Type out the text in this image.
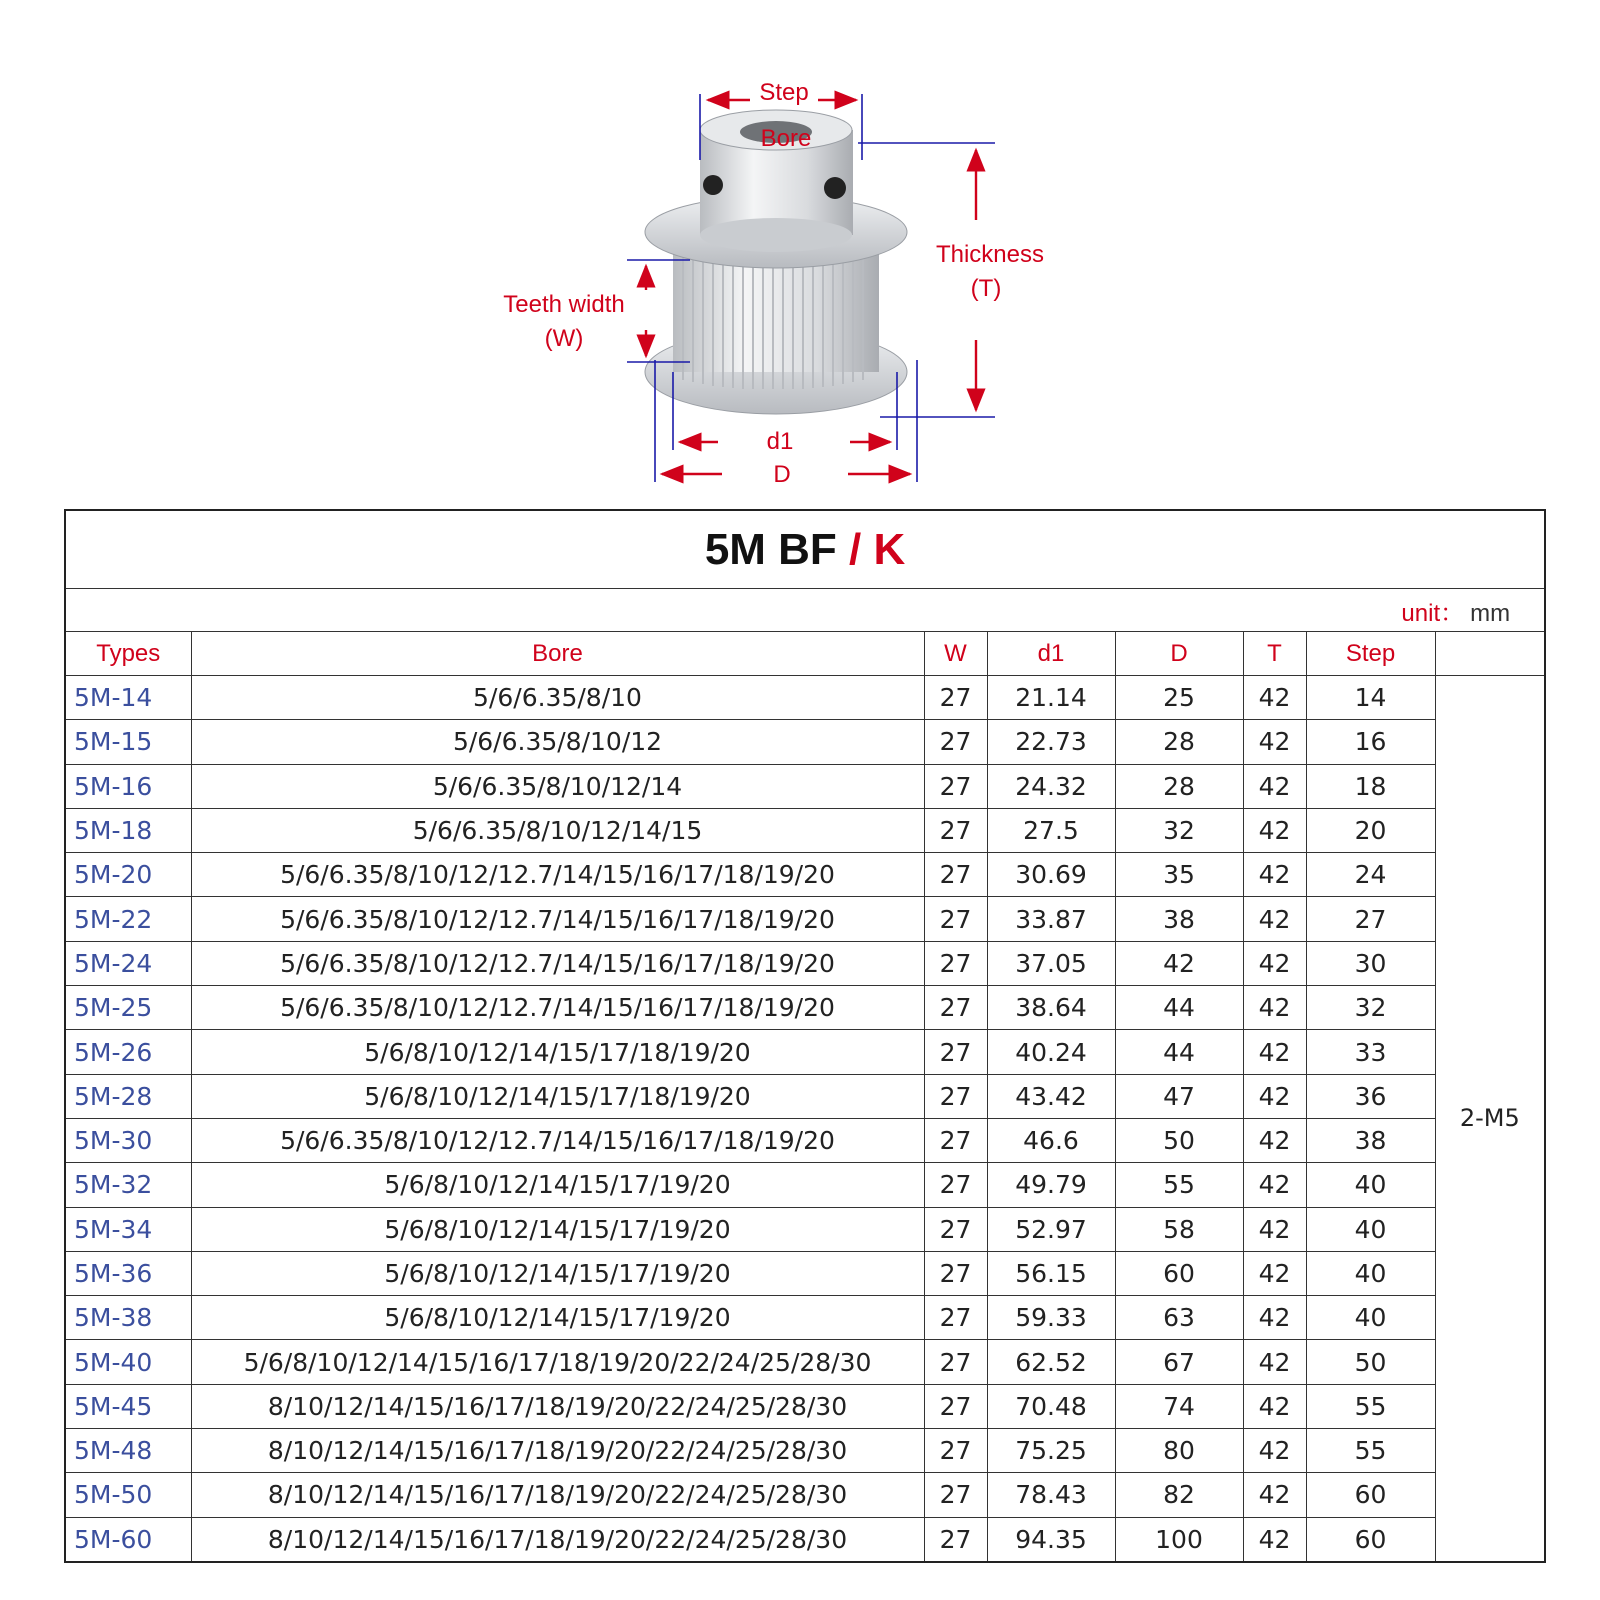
Step
Bore
Thickness
(T)
Teeth width
(W)
d1
D
5M BF / K							
unit： mm							
Types	Bore	W	d1	D	T	Step	
5M-14	5/6/6.35/8/10	27	21.14	25	42	14	2-M5
5M-15	5/6/6.35/8/10/12	27	22.73	28	42	16	
5M-16	5/6/6.35/8/10/12/14	27	24.32	28	42	18	
5M-18	5/6/6.35/8/10/12/14/15	27	27.5	32	42	20	
5M-20	5/6/6.35/8/10/12/12.7/14/15/16/17/18/19/20	27	30.69	35	42	24	
5M-22	5/6/6.35/8/10/12/12.7/14/15/16/17/18/19/20	27	33.87	38	42	27	
5M-24	5/6/6.35/8/10/12/12.7/14/15/16/17/18/19/20	27	37.05	42	42	30	
5M-25	5/6/6.35/8/10/12/12.7/14/15/16/17/18/19/20	27	38.64	44	42	32	
5M-26	5/6/8/10/12/14/15/17/18/19/20	27	40.24	44	42	33	
5M-28	5/6/8/10/12/14/15/17/18/19/20	27	43.42	47	42	36	
5M-30	5/6/6.35/8/10/12/12.7/14/15/16/17/18/19/20	27	46.6	50	42	38	
5M-32	5/6/8/10/12/14/15/17/19/20	27	49.79	55	42	40	
5M-34	5/6/8/10/12/14/15/17/19/20	27	52.97	58	42	40	
5M-36	5/6/8/10/12/14/15/17/19/20	27	56.15	60	42	40	
5M-38	5/6/8/10/12/14/15/17/19/20	27	59.33	63	42	40	
5M-40	5/6/8/10/12/14/15/16/17/18/19/20/22/24/25/28/30	27	62.52	67	42	50	
5M-45	8/10/12/14/15/16/17/18/19/20/22/24/25/28/30	27	70.48	74	42	55	
5M-48	8/10/12/14/15/16/17/18/19/20/22/24/25/28/30	27	75.25	80	42	55	
5M-50	8/10/12/14/15/16/17/18/19/20/22/24/25/28/30	27	78.43	82	42	60	
5M-60	8/10/12/14/15/16/17/18/19/20/22/24/25/28/30	27	94.35	100	42	60	
